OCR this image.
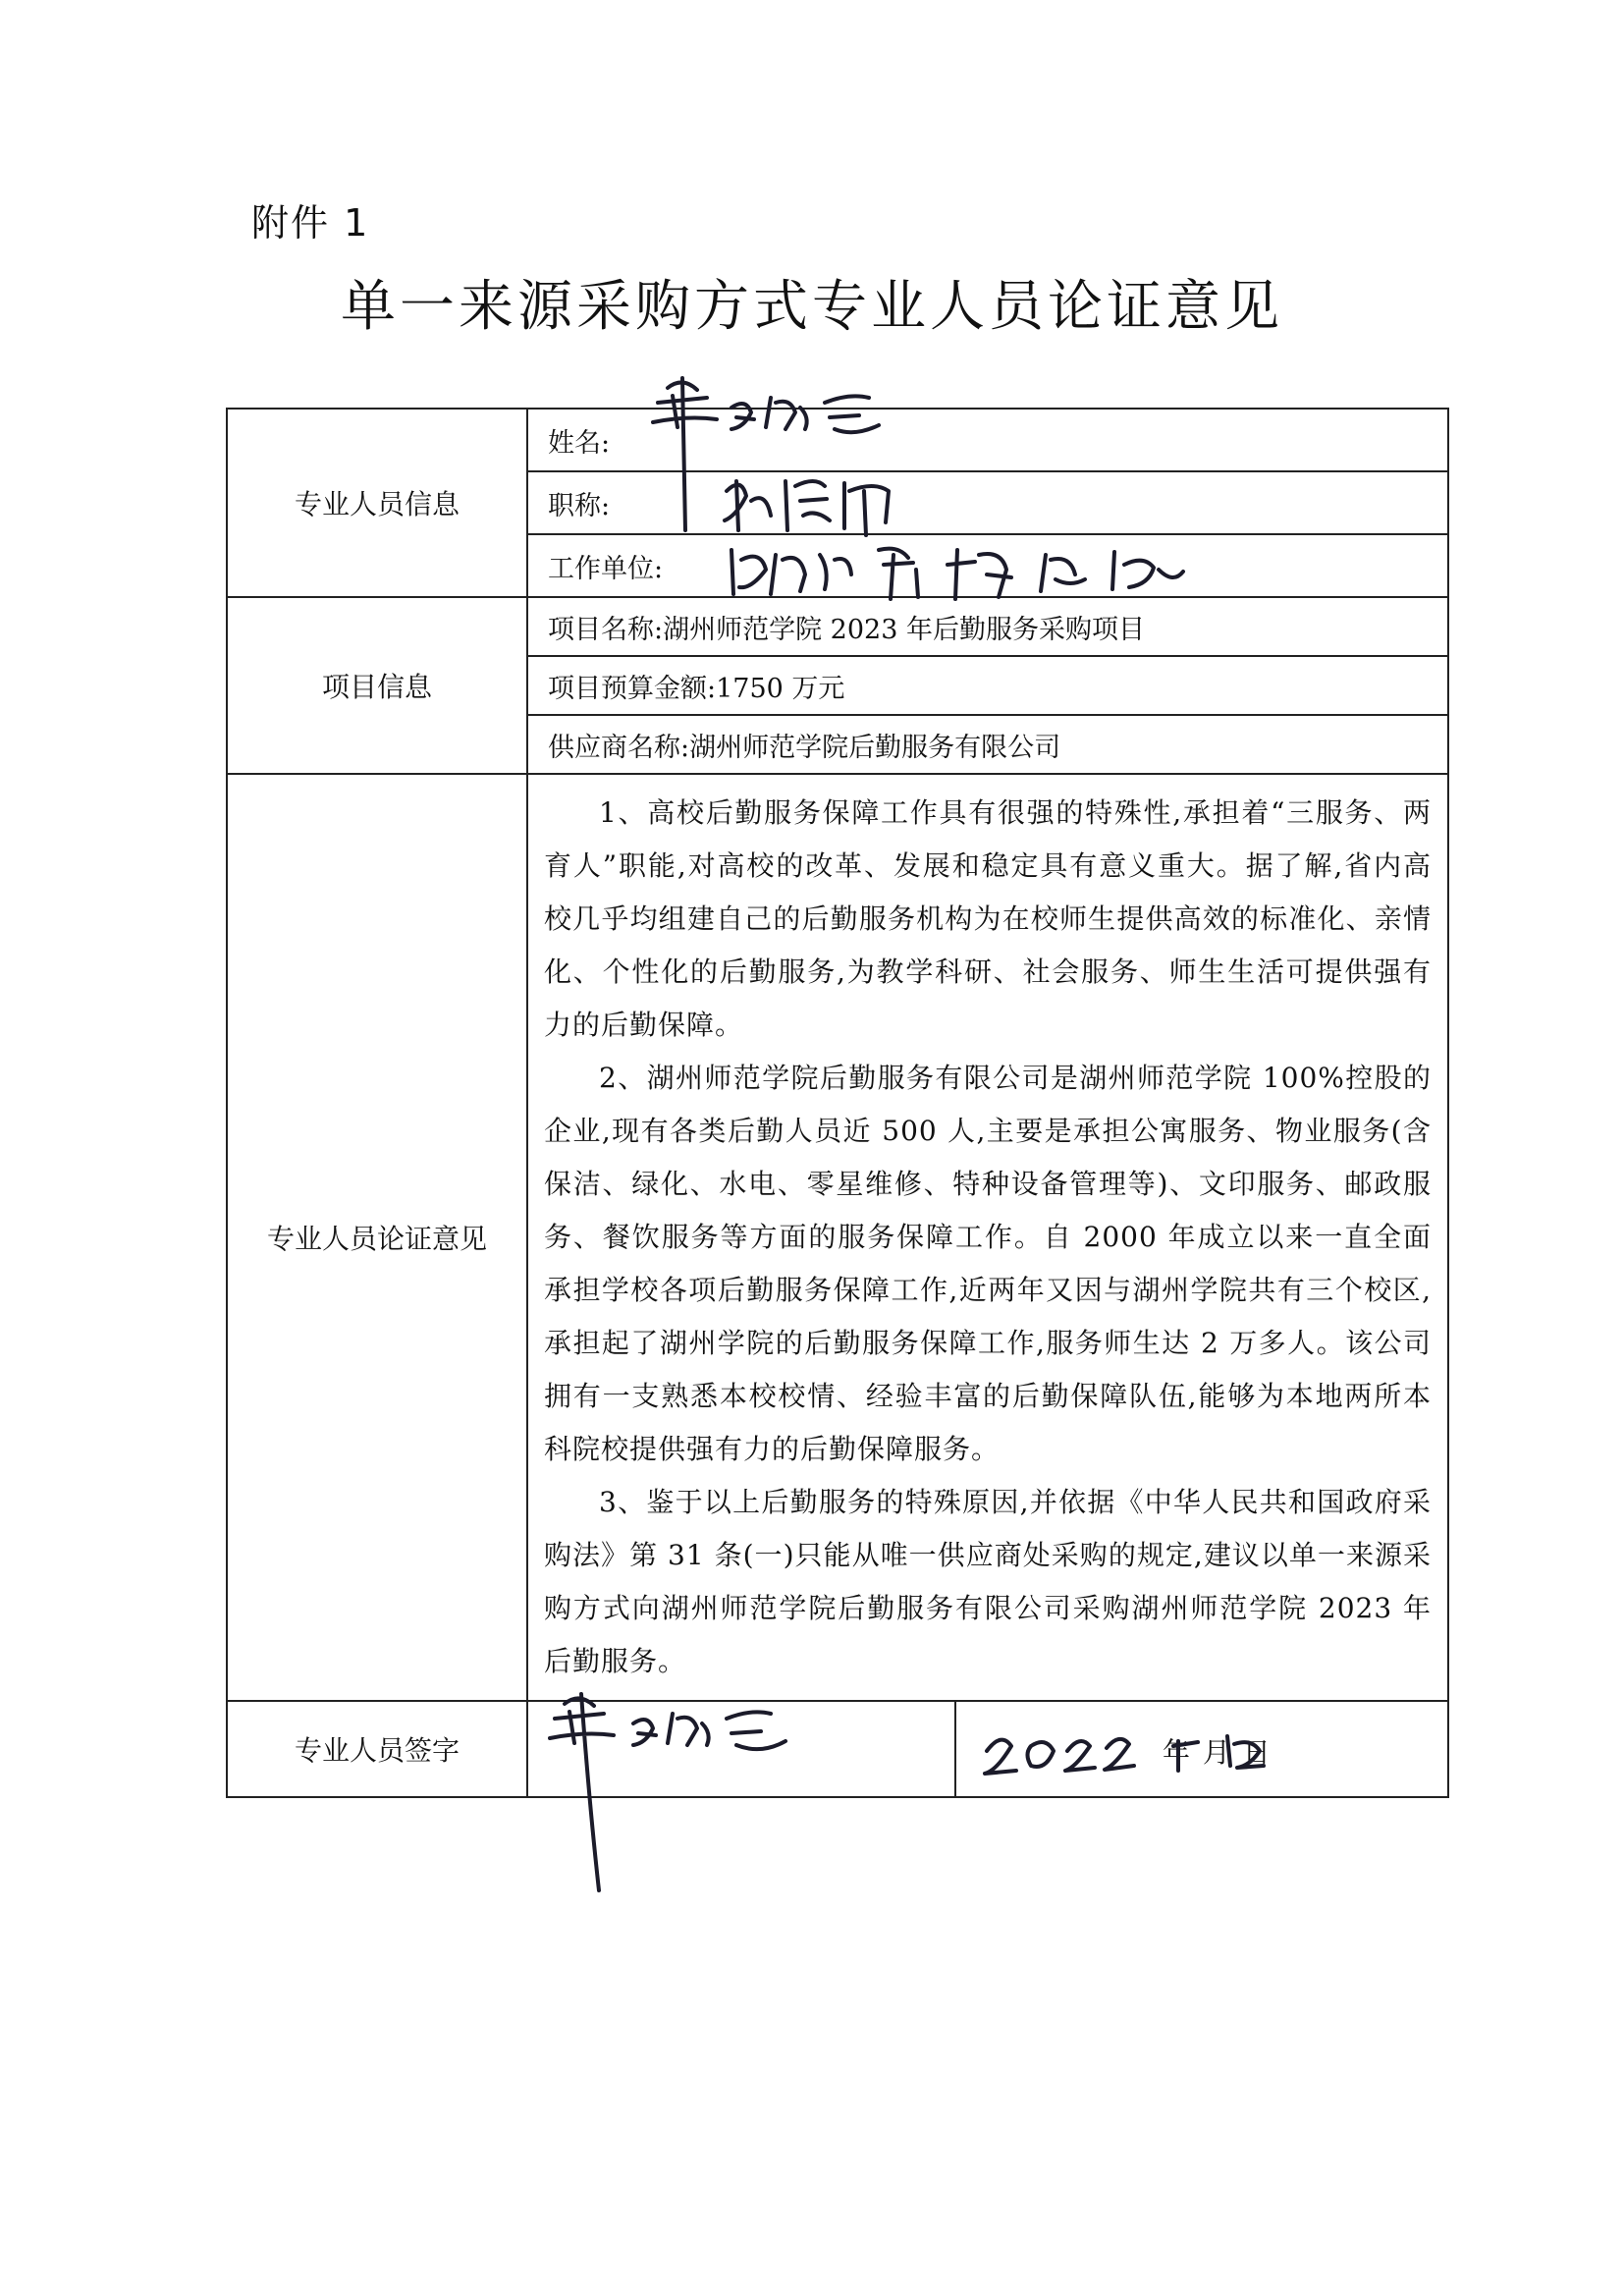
附件 1
单一来源采购方式专业人员论证意见
专业人员信息	姓名:	
	职称:	
	工作单位:	
项目信息	项目名称:湖州师范学院 2023 年后勤服务采购项目	
	项目预算金额:1750 万元	
	供应商名称:湖州师范学院后勤服务有限公司	
专业人员论证意见	1、高校后勤服务保障工作具有很强的特殊性,承担着“三服务、两育人”职能,对高校的改革、发展和稳定具有意义重大。据了解,省内高校几乎均组建自己的后勤服务机构为在校师生提供高效的标准化、亲情化、个性化的后勤服务,为教学科研、社会服务、师生生活可提供强有力的后勤保障。

2、湖州师范学院后勤服务有限公司是湖州师范学院 100%控股的企业,现有各类后勤人员近 500 人,主要是承担公寓服务、物业服务(含保洁、绿化、水电、零星维修、特种设备管理等)、文印服务、邮政服务、餐饮服务等方面的服务保障工作。自 2000 年成立以来一直全面承担学校各项后勤服务保障工作,近两年又因与湖州学院共有三个校区,承担起了湖州学院的后勤服务保障工作,服务师生达 2 万多人。该公司拥有一支熟悉本校校情、经验丰富的后勤保障队伍,能够为本地两所本科院校提供强有力的后勤保障服务。

3、鉴于以上后勤服务的特殊原因,并依据《中华人民共和国政府采购法》第 31 条(一)只能从唯一供应商处采购的规定,建议以单一来源采购方式向湖州师范学院后勤服务有限公司采购湖州师范学院 2023 年后勤服务。	

专业人员签字		年 月 日
